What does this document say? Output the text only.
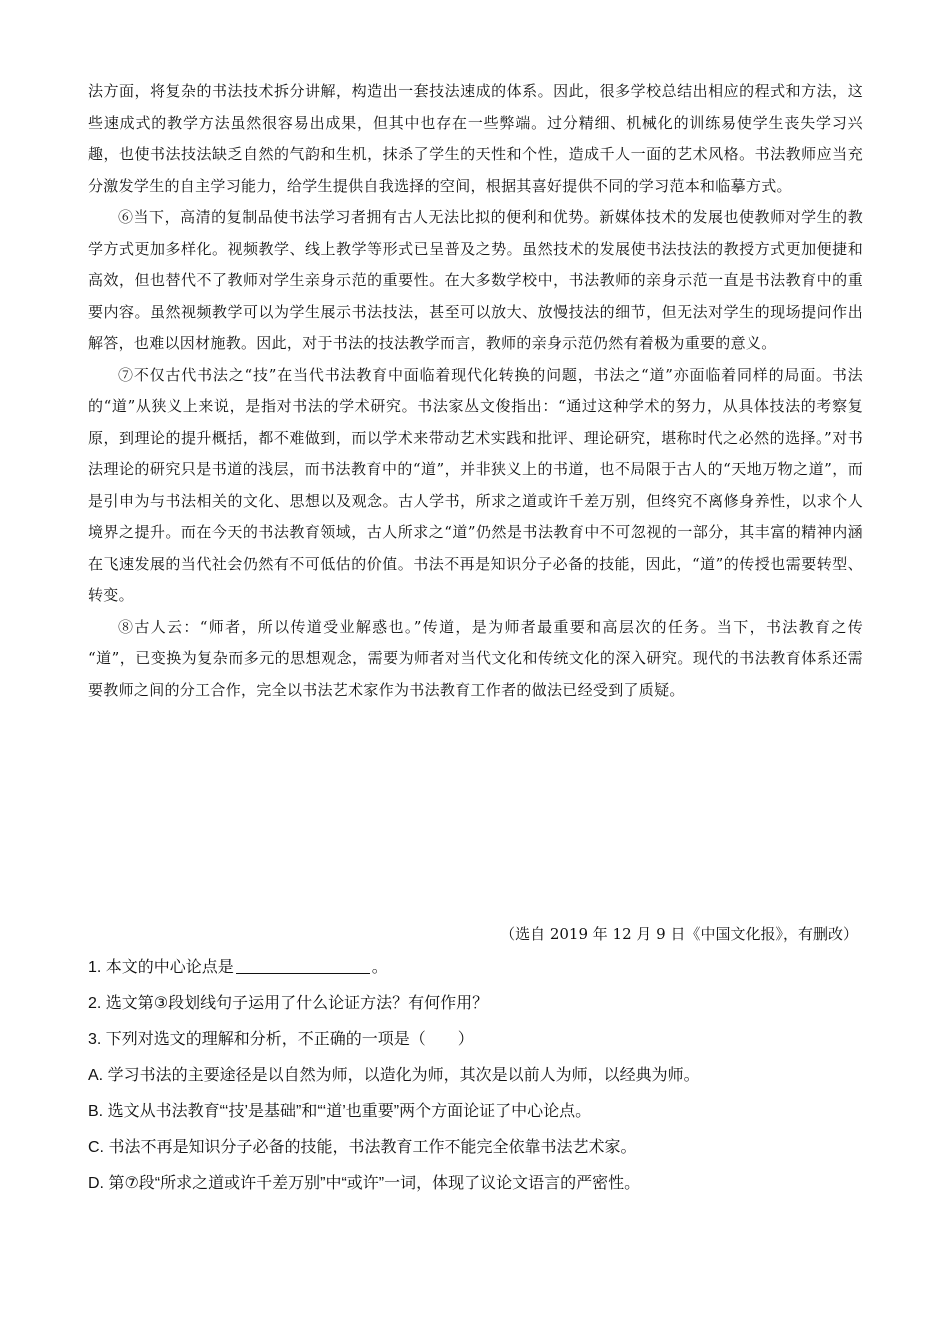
法方面，将复杂的书法技术拆分讲解，构造出一套技法速成的体系。因此，很多学校总结出相应的程式和方法，这些速成式的教学方法虽然很容易出成果，但其中也存在一些弊端。过分精细、机械化的训练易使学生丧失学习兴趣，也使书法技法缺乏自然的气韵和生机，抹杀了学生的天性和个性，造成千人一面的艺术风格。书法教师应当充分激发学生的自主学习能力，给学生提供自我选择的空间，根据其喜好提供不同的学习范本和临摹方式。

⑥当下，高清的复制品使书法学习者拥有古人无法比拟的便利和优势。新媒体技术的发展也使教师对学生的教学方式更加多样化。视频教学、线上教学等形式已呈普及之势。虽然技术的发展使书法技法的教授方式更加便捷和高效，但也替代不了教师对学生亲身示范的重要性。在大多数学校中，书法教师的亲身示范一直是书法教育中的重要内容。虽然视频教学可以为学生展示书法技法，甚至可以放大、放慢技法的细节，但无法对学生的现场提问作出解答，也难以因材施教。因此，对于书法的技法教学而言，教师的亲身示范仍然有着极为重要的意义。

⑦不仅古代书法之“技”在当代书法教育中面临着现代化转换的问题，书法之“道”亦面临着同样的局面。书法的“道”从狭义上来说，是指对书法的学术研究。书法家丛文俊指出：“通过这种学术的努力，从具体技法的考察复原，到理论的提升概括，都不难做到，而以学术来带动艺术实践和批评、理论研究，堪称时代之必然的选择。”对书法理论的研究只是书道的浅层，而书法教育中的“道”，并非狭义上的书道，也不局限于古人的“天地万物之道”，而是引申为与书法相关的文化、思想以及观念。古人学书，所求之道或许千差万别，但终究不离修身养性，以求个人境界之提升。而在今天的书法教育领域，古人所求之“道”仍然是书法教育中不可忽视的一部分，其丰富的精神内涵在飞速发展的当代社会仍然有不可低估的价值。书法不再是知识分子必备的技能，因此，“道”的传授也需要转型、转变。

⑧古人云：“师者，所以传道受业解惑也。”传道，是为师者最重要和高层次的任务。当下，书法教育之传 “道”，已变换为复杂而多元的思想观念，需要为师者对当代文化和传统文化的深入研究。现代的书法教育体系还需要教师之间的分工合作，完全以书法艺术家作为书法教育工作者的做法已经受到了质疑。

（选自 2019 年 12 月 9 日《中国文化报》，有删改）

1. 本文的中心论点是	。

2. 选文第③段划线句子运用了什么论证方法？有何作用？

3. 下列对选文的理解和分析，不正确的一项是（　　）

A. 学习书法的主要途径是以自然为师，以造化为师，其次是以前人为师，以经典为师。

B. 选文从书法教育“‘技’是基础”和“‘道’也重要”两个方面论证了中心论点。

C. 书法不再是知识分子必备的技能，书法教育工作不能完全依靠书法艺术家。

D. 第⑦段“所求之道或许千差万别”中“或许”一词，体现了议论文语言的严密性。
